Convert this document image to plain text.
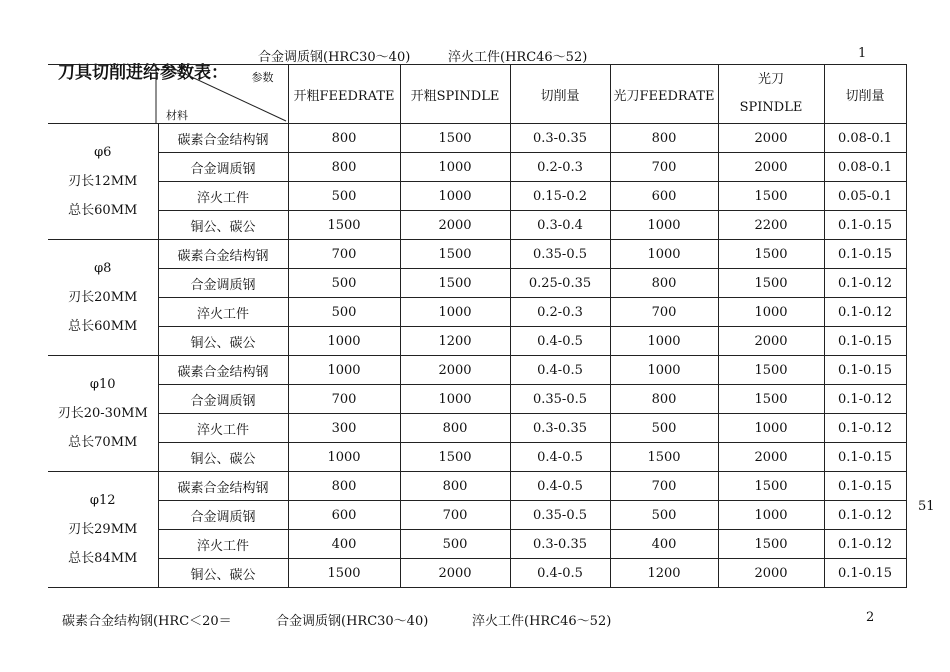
刀具切削进给参数表：
合金调质钢(HRC30～40)	淬火工件(HRC46～52)	1
参数
材料		开粗FEEDRATE	开粗SPINDLE	切削量	光刀FEEDRATE	光刀
SPINDLE	切削量

φ6
刃长12MM
总长60MM	碳素合金结构钢	800	1500	0.3-0.35	800	2000	0.08-0.1
	合金调质钢	800	1000	0.2-0.3	700	2000	0.08-0.1
	淬火工件	500	1000	0.15-0.2	600	1500	0.05-0.1
	铜公、碳公	1500	2000	0.3-0.4	1000	2200	0.1-0.15

φ8
刃长20MM
总长60MM	碳素合金结构钢	700	1500	0.35-0.5	1000	1500	0.1-0.15
	合金调质钢	500	1500	0.25-0.35	800	1500	0.1-0.12
	淬火工件	500	1000	0.2-0.3	700	1000	0.1-0.12
	铜公、碳公	1000	1200	0.4-0.5	1000	2000	0.1-0.15

φ10
刃长20-30MM
总长70MM	碳素合金结构钢	1000	2000	0.4-0.5	1000	1500	0.1-0.15
	合金调质钢	700	1000	0.35-0.5	800	1500	0.1-0.12
	淬火工件	300	800	0.3-0.35	500	1000	0.1-0.12
	铜公、碳公	1000	1500	0.4-0.5	1500	2000	0.1-0.15

φ12
刃长29MM
总长84MM	碳素合金结构钢	800	800	0.4-0.5	700	1500	0.1-0.15
	合金调质钢	600	700	0.35-0.5	500	1000	0.1-0.12
	淬火工件	400	500	0.3-0.35	400	1500	0.1-0.12
	铜公、碳公	1500	2000	0.4-0.5	1200	2000	0.1-0.15
51
碳素合金结构钢(HRC＜20＝	合金调质钢(HRC30～40)	淬火工件(HRC46～52)	2
